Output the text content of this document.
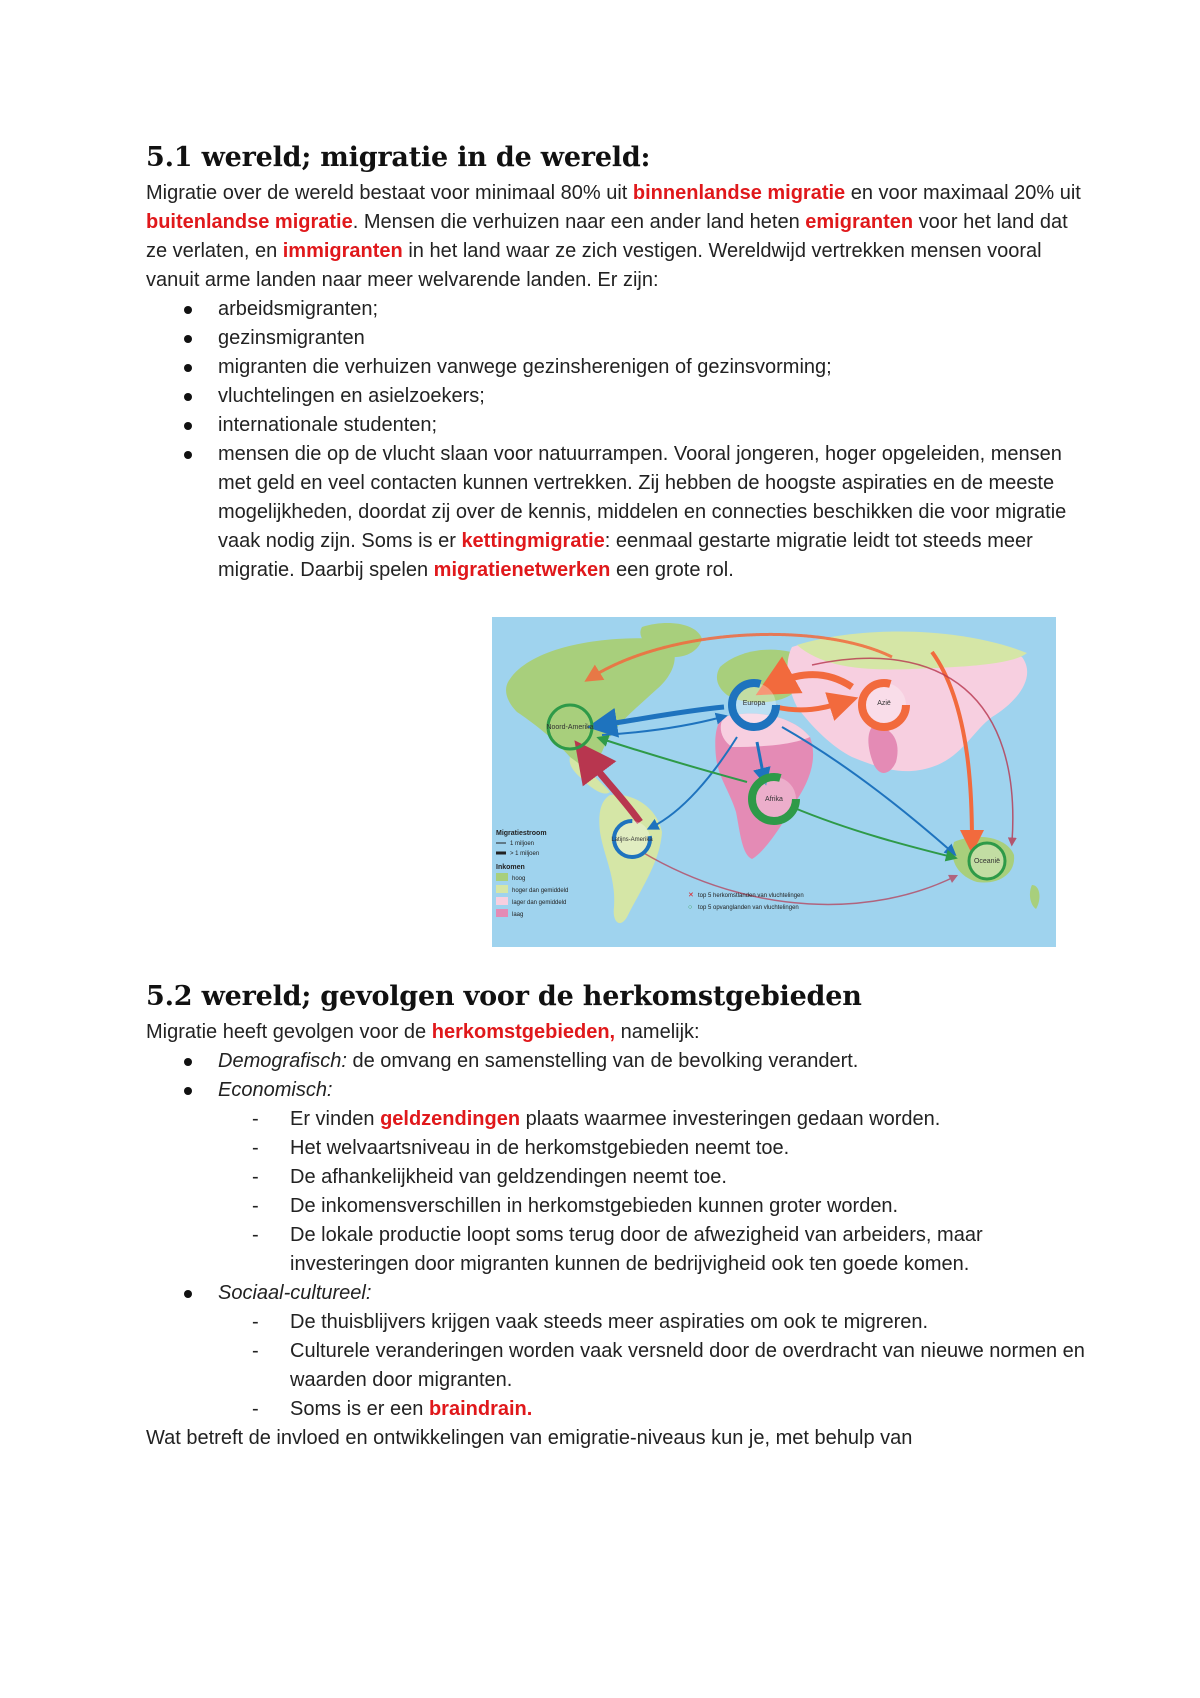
5.1 wereld; migratie in de wereld:

Migratie over de wereld bestaat voor minimaal 80% uit binnenlandse migratie en voor maximaal 20% uit buitenlandse migratie. Mensen die verhuizen naar een ander land heten emigranten voor het land dat ze verlaten, en immigranten in het land waar ze zich vestigen. Wereldwijd vertrekken mensen vooral vanuit arme landen naar meer welvarende landen. Er zijn:

arbeidsmigranten;
gezinsmigranten
migranten die verhuizen vanwege gezinsherenigen of gezinsvorming;
vluchtelingen en asielzoekers;
internationale studenten;
mensen die op de vlucht slaan voor natuurrampen. Vooral jongeren, hoger opgeleiden, mensen met geld en veel contacten kunnen vertrekken. Zij hebben de hoogste aspiraties en de meeste mogelijkheden, doordat zij over de kennis, middelen en connecties beschikken die voor migratie vaak nodig zijn. Soms is er kettingmigratie: eenmaal gestarte migratie leidt tot steeds meer migratie. Daarbij spelen migratienetwerken een grote rol.
Noord-Amerika
Europa	Azië
Afrika
Latijns-Amerika
Oceanië
Migratiestroom
1 miljoen
> 1 miljoen
Inkomen
hoog
hoger dan gemiddeld
lager dan gemiddeld
laag
✕ top 5 herkomstlanden van vluchtelingen
○ top 5 opvanglanden van vluchtelingen
5.2 wereld; gevolgen voor de herkomstgebieden

Migratie heeft gevolgen voor de herkomstgebieden, namelijk:

Demografisch: de omvang en samenstelling van de bevolking verandert.
Economisch:
- Er vinden geldzendingen plaats waarmee investeringen gedaan worden.
- Het welvaartsniveau in de herkomstgebieden neemt toe.
- De afhankelijkheid van geldzendingen neemt toe.
- De inkomensverschillen in herkomstgebieden kunnen groter worden.
- De lokale productie loopt soms terug door de afwezigheid van arbeiders, maar investeringen door migranten kunnen de bedrijvigheid ook ten goede komen.
Sociaal-cultureel:
- De thuisblijvers krijgen vaak steeds meer aspiraties om ook te migreren.
- Culturele veranderingen worden vaak versneld door de overdracht van nieuwe normen en waarden door migranten.
- Soms is er een braindrain.

Wat betreft de invloed en ontwikkelingen van emigratie-niveaus kun je, met behulp van
